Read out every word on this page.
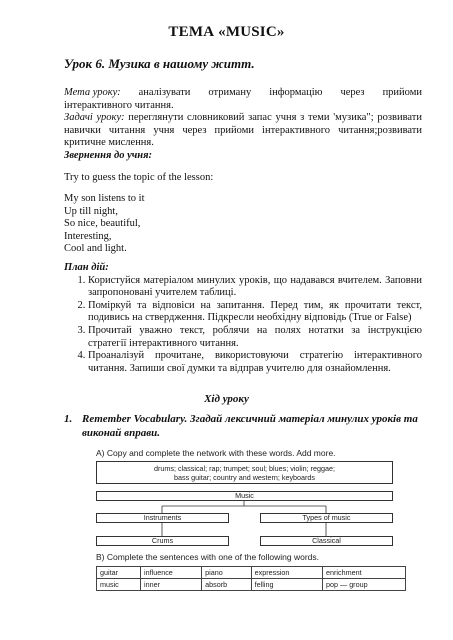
ТЕМА «MUSIC»
Урок 6. Музика в нашому житт.
Мета уроку: аналізувати отриману інформацію через прийоми
інтерактивного читання.
Задачі уроку: переглянути словниковий запас учня з теми 'музика"; розвивати навички читання учня через прийоми інтерактивного читання;розвивати критичне мислення.
Звернення до учня:
Try to guess the topic of the lesson:
My son listens to it
Up till night,
So nice, beautiful,
Interesting,
Cool and light.
План дій:
1. Користуйся матеріалом минулих уроків, що надавався вчителем. Заповни запропоновані учителем таблиці.
2. Поміркуй та відповіси на запитання. Перед тим, як прочитати текст, подивись на ствердження. Підкресли необхідну відповідь (True or False)
3. Прочитай уважно текст, роблячи на полях нотатки за інструкцією стратегії інтерактивного читання.
4. Проаналізуй прочитане, використовуючи стратегію інтерактивного читання. Запиши свої думки та відправ учителю для ознайомлення.
Хід уроку
1. Remember Vocabulary. Згадай лексичний матеріал минулих уроків та виконай вправи.
A) Copy and complete the network with these words. Add more.
drums; classical; rap; trumpet; soul; blues; violin; reggae;
bass guitar; country and western; keyboards
Music
Instruments	Types of music
Crums	Classical
B) Complete the sentences with one of the following words.
guitar	influence	piano	expression	enrichment
music	inner	absorb	felling	pop — group
